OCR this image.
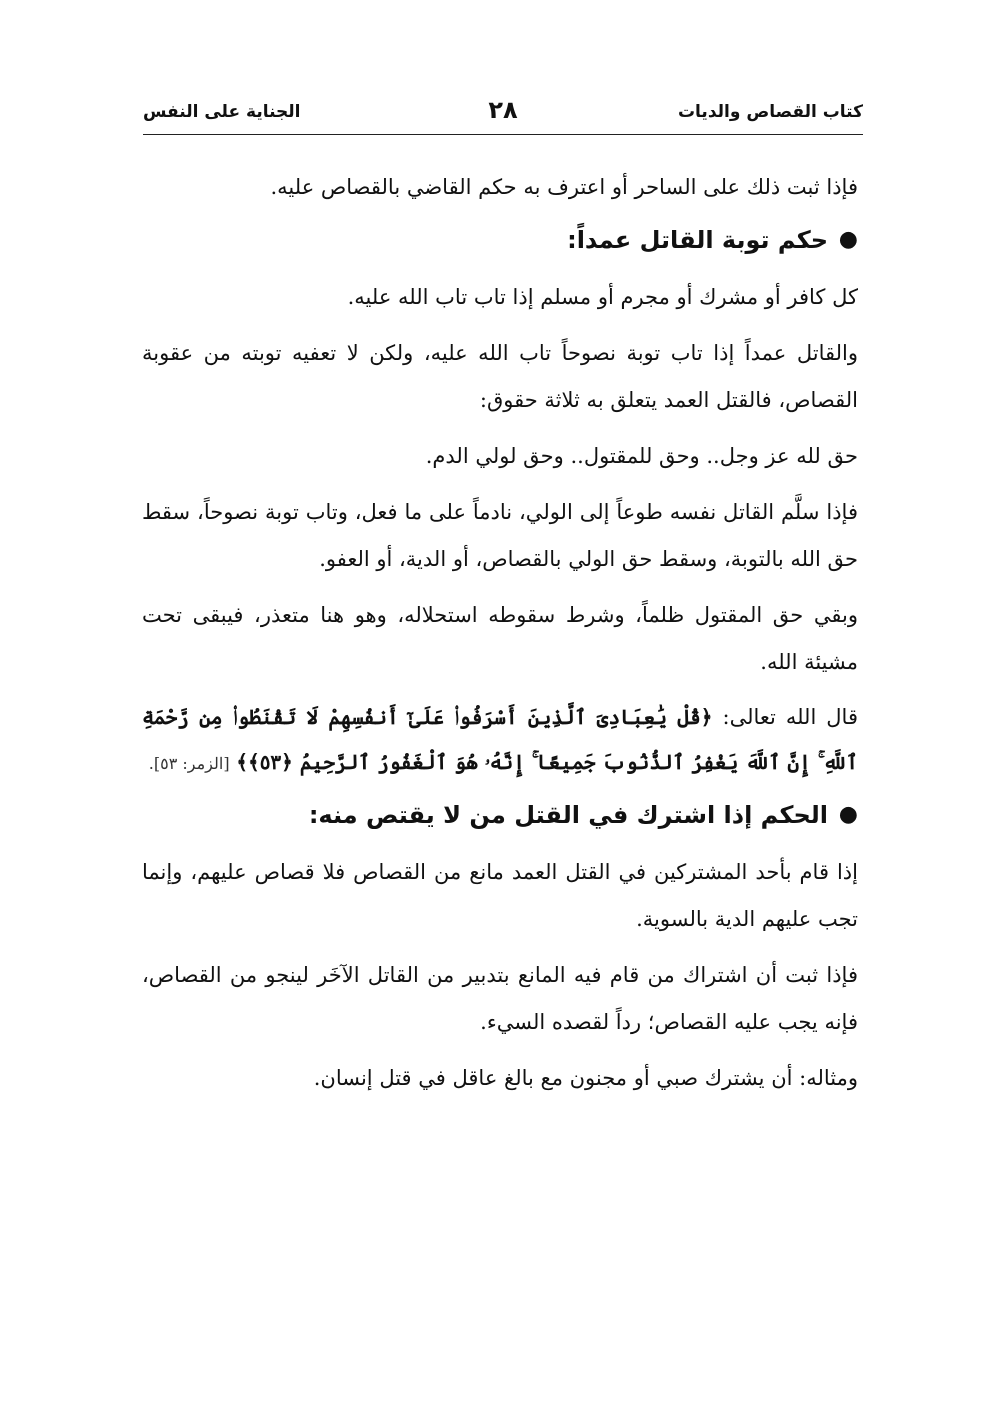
كتاب القصاص والديات
٢٨
الجناية على النفس

فإذا ثبت ذلك على الساحر أو اعترف به حكم القاضي بالقصاص عليه.

●
حكم توبة القاتل عمداً:

كل كافر أو مشرك أو مجرم أو مسلم إذا تاب تاب الله عليه.

والقاتل عمداً إذا تاب توبة نصوحاً تاب الله عليه، ولكن لا تعفيه توبته من عقوبة القصاص، فالقتل العمد يتعلق به ثلاثة حقوق:

حق لله عز وجل.. وحق للمقتول.. وحق لولي الدم.

فإذا سلَّم القاتل نفسه طوعاً إلى الولي، نادماً على ما فعل، وتاب توبة نصوحاً، سقط حق الله بالتوبة، وسقط حق الولي بالقصاص، أو الدية، أو العفو.

وبقي حق المقتول ظلماً، وشرط سقوطه استحلاله، وهو هنا متعذر، فيبقى تحت مشيئة الله.

قال الله تعالى: ﴿قُلْ يَٰعِبَادِىَ ٱلَّذِينَ أَسْرَفُوا۟ عَلَىٰٓ أَنفُسِهِمْ لَا تَقْنَطُوا۟ مِن رَّحْمَةِ ٱللَّهِ ۚ إِنَّ ٱللَّهَ يَغْفِرُ ٱلذُّنُوبَ جَمِيعًا ۚ إِنَّهُۥ هُوَ ٱلْغَفُورُ ٱلرَّحِيمُ ﴿٥٣﴾﴾ [الزمر: ٥٣].

●
الحكم إذا اشترك في القتل من لا يقتص منه:

إذا قام بأحد المشتركين في القتل العمد مانع من القصاص فلا قصاص عليهم، وإنما تجب عليهم الدية بالسوية.

فإذا ثبت أن اشتراك من قام فيه المانع بتدبير من القاتل الآخَر لينجو من القصاص، فإنه يجب عليه القصاص؛ رداً لقصده السيء.

ومثاله: أن يشترك صبي أو مجنون مع بالغ عاقل في قتل إنسان.
